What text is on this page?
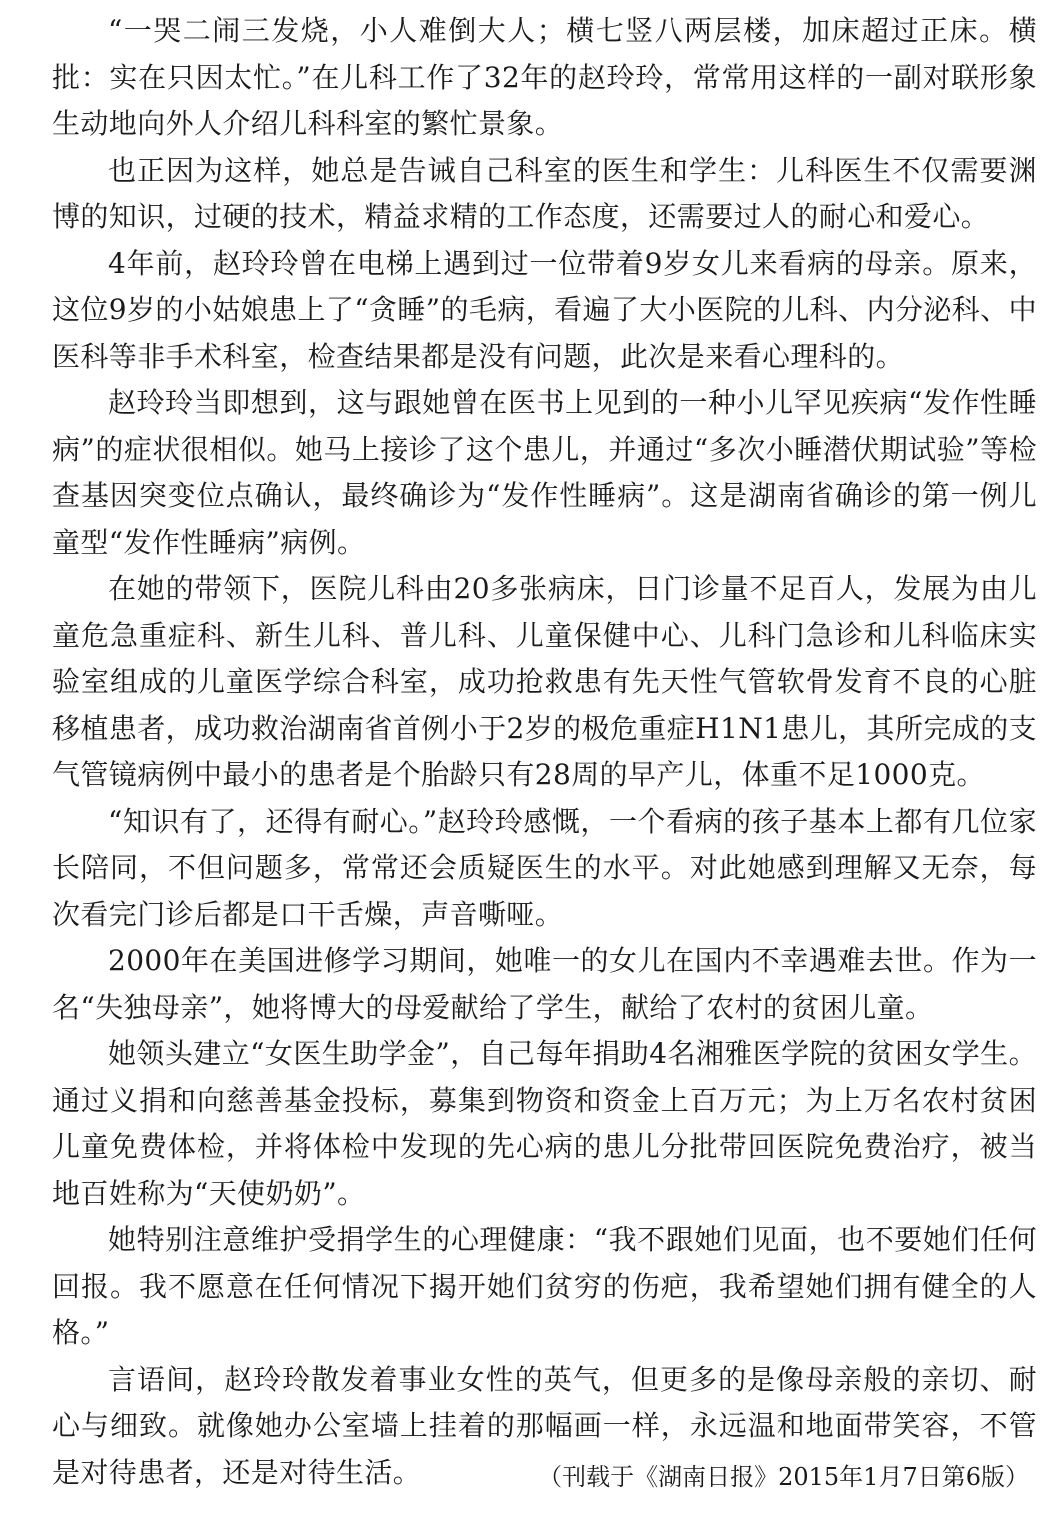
“一哭二闹三发烧，小人难倒大人；横七竖八两层楼，加床超过正床。横批：实在只因太忙。”在儿科工作了32年的赵玲玲，常常用这样的一副对联形象生动地向外人介绍儿科科室的繁忙景象。

也正因为这样，她总是告诫自己科室的医生和学生：儿科医生不仅需要渊博的知识，过硬的技术，精益求精的工作态度，还需要过人的耐心和爱心。

4年前，赵玲玲曾在电梯上遇到过一位带着9岁女儿来看病的母亲。原来，这位9岁的小姑娘患上了“贪睡”的毛病，看遍了大小医院的儿科、内分泌科、中医科等非手术科室，检查结果都是没有问题，此次是来看心理科的。

赵玲玲当即想到，这与跟她曾在医书上见到的一种小儿罕见疾病“发作性睡病”的症状很相似。她马上接诊了这个患儿，并通过“多次小睡潜伏期试验”等检查基因突变位点确认，最终确诊为“发作性睡病”。这是湖南省确诊的第一例儿童型“发作性睡病”病例。

在她的带领下，医院儿科由20多张病床，日门诊量不足百人，发展为由儿童危急重症科、新生儿科、普儿科、儿童保健中心、儿科门急诊和儿科临床实验室组成的儿童医学综合科室，成功抢救患有先天性气管软骨发育不良的心脏移植患者，成功救治湖南省首例小于2岁的极危重症H1N1患儿，其所完成的支气管镜病例中最小的患者是个胎龄只有28周的早产儿，体重不足1000克。

“知识有了，还得有耐心。”赵玲玲感慨，一个看病的孩子基本上都有几位家长陪同，不但问题多，常常还会质疑医生的水平。对此她感到理解又无奈，每次看完门诊后都是口干舌燥，声音嘶哑。

2000年在美国进修学习期间，她唯一的女儿在国内不幸遇难去世。作为一名“失独母亲”，她将博大的母爱献给了学生，献给了农村的贫困儿童。

她领头建立“女医生助学金”，自己每年捐助4名湘雅医学院的贫困女学生。通过义捐和向慈善基金投标，募集到物资和资金上百万元；为上万名农村贫困儿童免费体检，并将体检中发现的先心病的患儿分批带回医院免费治疗，被当地百姓称为“天使奶奶”。

她特别注意维护受捐学生的心理健康：“我不跟她们见面，也不要她们任何回报。我不愿意在任何情况下揭开她们贫穷的伤疤，我希望她们拥有健全的人格。”

言语间，赵玲玲散发着事业女性的英气，但更多的是像母亲般的亲切、耐心与细致。就像她办公室墙上挂着的那幅画一样，永远温和地面带笑容，不管是对待患者，还是对待生活。	（刊载于《湖南日报》2015年1月7日第6版）
